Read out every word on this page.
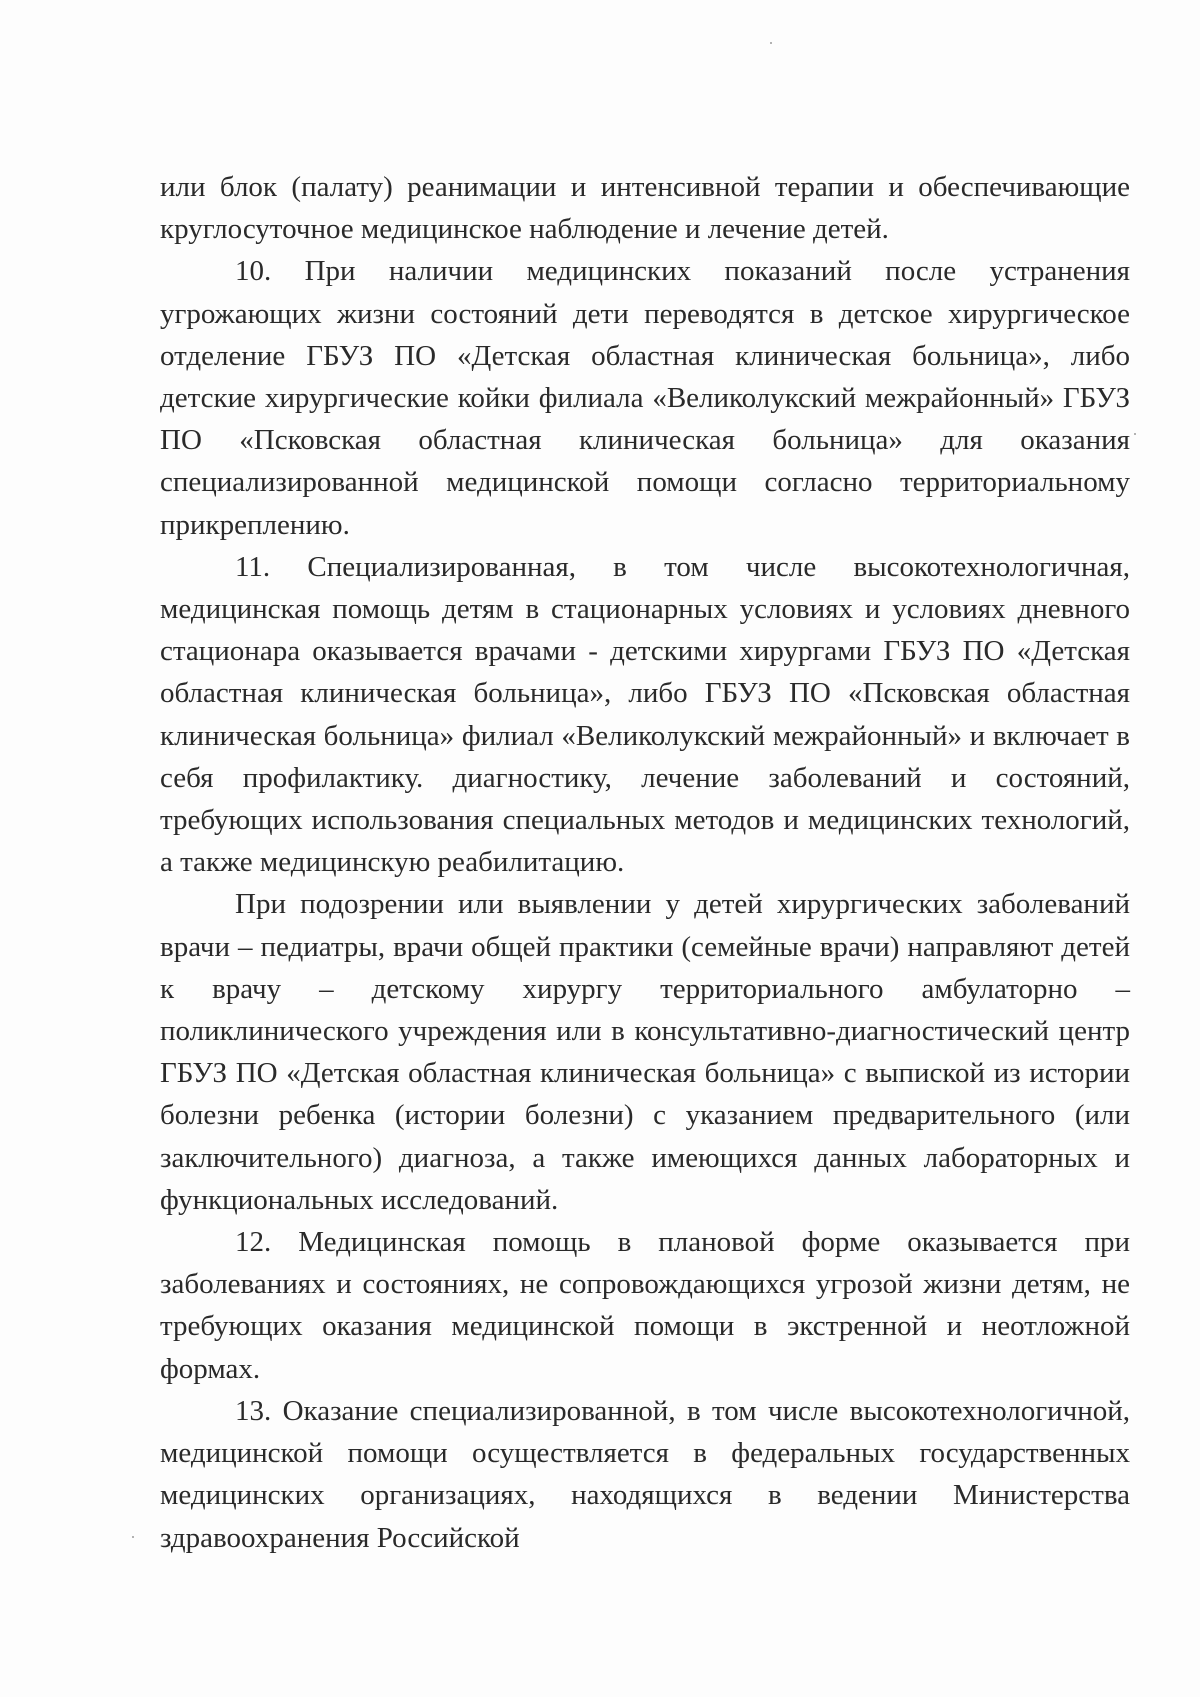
или блок (палату) реанимации и интенсивной терапии и обеспечивающие круглосуточное медицинское наблюдение и лечение детей.

10. При наличии медицинских показаний после устранения угрожающих жизни состояний дети переводятся в детское хирургическое отделение ГБУЗ ПО «Детская областная клиническая больница», либо детские хирургические койки филиала «Великолукский межрайонный» ГБУЗ ПО «Псковская областная клиническая больница» для оказания специализированной медицинской помощи согласно территориальному прикреплению.

11. Специализированная, в том числе высокотехнологичная, медицинская помощь детям в стационарных условиях и условиях дневного стационара оказывается врачами - детскими хирургами ГБУЗ ПО «Детская областная клиническая больница», либо ГБУЗ ПО «Псковская областная клиническая больница» филиал «Великолукский межрайонный» и включает в себя профилактику. диагностику, лечение заболеваний и состояний, требующих использования специальных методов и медицинских технологий, а также медицинскую реабилитацию.

При подозрении или выявлении у детей хирургических заболеваний врачи – педиатры, врачи общей практики (семейные врачи) направляют детей к врачу – детскому хирургу территориального амбулаторно – поликлинического учреждения или в консультативно-диагностический центр ГБУЗ ПО «Детская областная клиническая больница» с выпиской из истории болезни ребенка (истории болезни) с указанием предварительного (или заключительного) диагноза, а также имеющихся данных лабораторных и функциональных исследований.

12. Медицинская помощь в плановой форме оказывается при заболеваниях и состояниях, не сопровождающихся угрозой жизни детям, не требующих оказания медицинской помощи в экстренной и неотложной формах.

13. Оказание специализированной, в том числе высокотехнологичной, медицинской помощи осуществляется в федеральных государственных медицинских организациях, находящихся в ведении Министерства здравоохранения Российской
